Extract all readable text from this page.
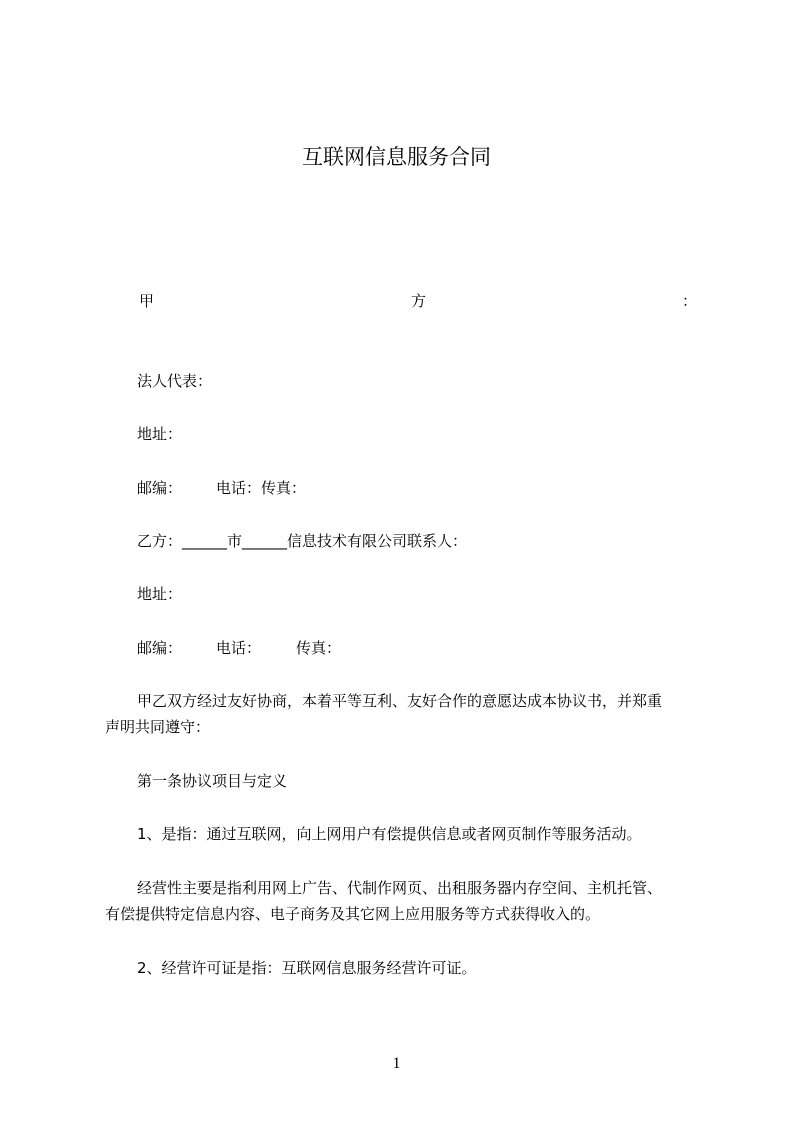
互联网信息服务合同
甲	方	：
法人代表：
地址：
邮编： 电话：传真：
乙方：______市______信息技术有限公司联系人：
地址：
邮编： 电话： 传真：
甲乙双方经过友好协商，本着平等互利、友好合作的意愿达成本协议书，并郑重
声明共同遵守：
第一条协议项目与定义
1、是指：通过互联网，向上网用户有偿提供信息或者网页制作等服务活动。
经营性主要是指利用网上广告、代制作网页、出租服务器内存空间、主机托管、
有偿提供特定信息内容、电子商务及其它网上应用服务等方式获得收入的。
2、经营许可证是指：互联网信息服务经营许可证。
1
